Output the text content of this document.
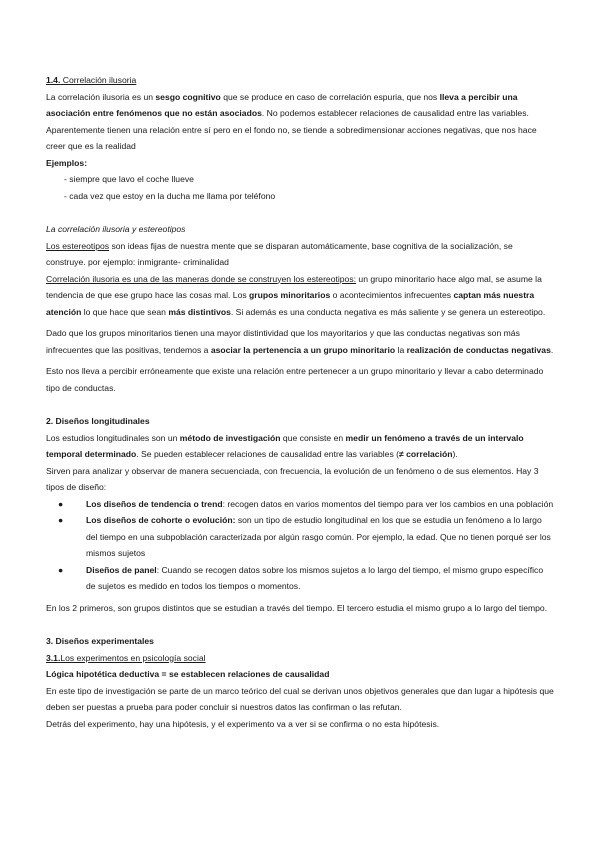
1.4. Correlación ilusoria

La correlación ilusoria es un sesgo cognitivo que se produce en caso de correlación espuria, que nos lleva a percibir una asociación entre fenómenos que no están asociados. No podemos establecer relaciones de causalidad entre las variables. Aparentemente tienen una relación entre sí pero en el fondo no, se tiende a sobredimensionar acciones negativas, que nos hace creer que es la realidad

Ejemplos:

- siempre que lavo el coche llueve
- cada vez que estoy en la ducha me llama por teléfono

La correlación ilusoria y estereotipos

Los estereotipos son ideas fijas de nuestra mente que se disparan automáticamente, base cognitiva de la socialización, se construye. por ejemplo: inmigrante- criminalidad

Correlación ilusoria es una de las maneras donde se construyen los estereotipos: un grupo minoritario hace algo mal, se asume la tendencia de que ese grupo hace las cosas mal. Los grupos minoritarios o acontecimientos infrecuentes captan más nuestra atención lo que hace que sean más distintivos. Si además es una conducta negativa es más saliente y se genera un estereotipo.

Dado que los grupos minoritarios tienen una mayor distintividad que los mayoritarios y que las conductas negativas son más infrecuentes que las positivas, tendemos a asociar la pertenencia a un grupo minoritario la realización de conductas negativas.

Esto nos lleva a percibir erróneamente que existe una relación entre pertenecer a un grupo minoritario y llevar a cabo determinado tipo de conductas.

2. Diseños longitudinales

Los estudios longitudinales son un método de investigación que consiste en medir un fenómeno a través de un intervalo temporal determinado. Se pueden establecer relaciones de causalidad entre las variables (≠ correlación).

Sirven para analizar y observar de manera secuenciada, con frecuencia, la evolución de un fenómeno o de sus elementos. Hay 3 tipos de diseño:

●	Los diseños de tendencia o trend: recogen datos en varios momentos del tiempo para ver los cambios en una población
●	Los diseños de cohorte o evolución: son un tipo de estudio longitudinal en los que se estudia un fenómeno a lo largo del tiempo en una subpoblación caracterizada por algún rasgo común. Por ejemplo, la edad. Que no tienen porqué ser los mismos sujetos
●	Diseños de panel: Cuando se recogen datos sobre los mismos sujetos a lo largo del tiempo, el mismo grupo específico de sujetos es medido en todos los tiempos o momentos.

En los 2 primeros, son grupos distintos que se estudian a través del tiempo. El tercero estudia el mismo grupo a lo largo del tiempo.

3. Diseños experimentales

3.1.Los experimentos en psicología social

Lógica hipotética deductiva = se establecen relaciones de causalidad

En este tipo de investigación se parte de un marco teórico del cual se derivan unos objetivos generales que dan lugar a hipótesis que deben ser puestas a prueba para poder concluir si nuestros datos las confirman o las refutan.

Detrás del experimento, hay una hipótesis, y el experimento va a ver si se confirma o no esta hipótesis.
